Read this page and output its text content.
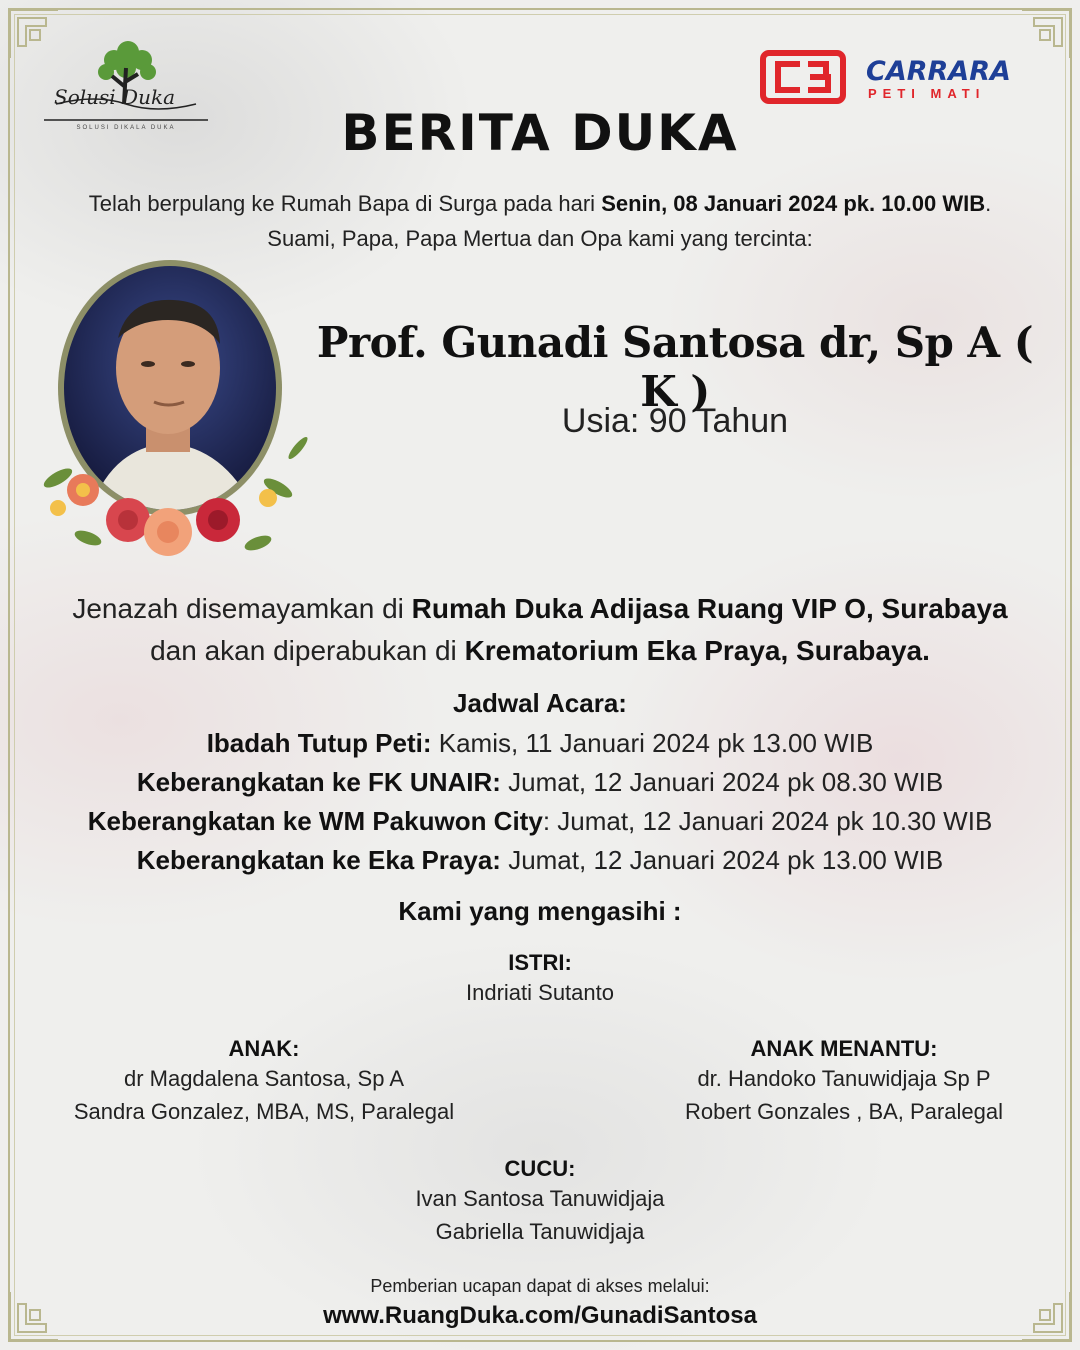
Solusi Duka
SOLUSI DIKALA DUKA
CARRARA
PETI MATI
BERITA DUKA
Telah berpulang ke Rumah Bapa di Surga pada hari Senin, 08 Januari 2024 pk. 10.00 WIB.
Suami, Papa, Papa Mertua dan Opa kami yang tercinta:
Prof. Gunadi Santosa dr, Sp A ( K )
Usia: 90 Tahun
Jenazah disemayamkan di Rumah Duka Adijasa Ruang VIP O, Surabaya
dan akan diperabukan di Krematorium Eka Praya, Surabaya.
Jadwal Acara:
Ibadah Tutup Peti: Kamis, 11 Januari 2024 pk 13.00 WIB
Keberangkatan ke FK UNAIR: Jumat, 12 Januari 2024 pk 08.30 WIB
Keberangkatan ke WM Pakuwon City: Jumat, 12 Januari 2024 pk 10.30 WIB
Keberangkatan ke Eka Praya: Jumat, 12 Januari 2024 pk 13.00 WIB
Kami yang mengasihi :
ISTRI:
Indriati Sutanto
ANAK:
dr Magdalena Santosa, Sp A
Sandra Gonzalez, MBA, MS, Paralegal
ANAK MENANTU:
dr. Handoko Tanuwidjaja Sp P
Robert Gonzales , BA, Paralegal
CUCU:
Ivan Santosa Tanuwidjaja
Gabriella Tanuwidjaja
Pemberian ucapan dapat di akses melalui:
www.RuangDuka.com/GunadiSantosa
